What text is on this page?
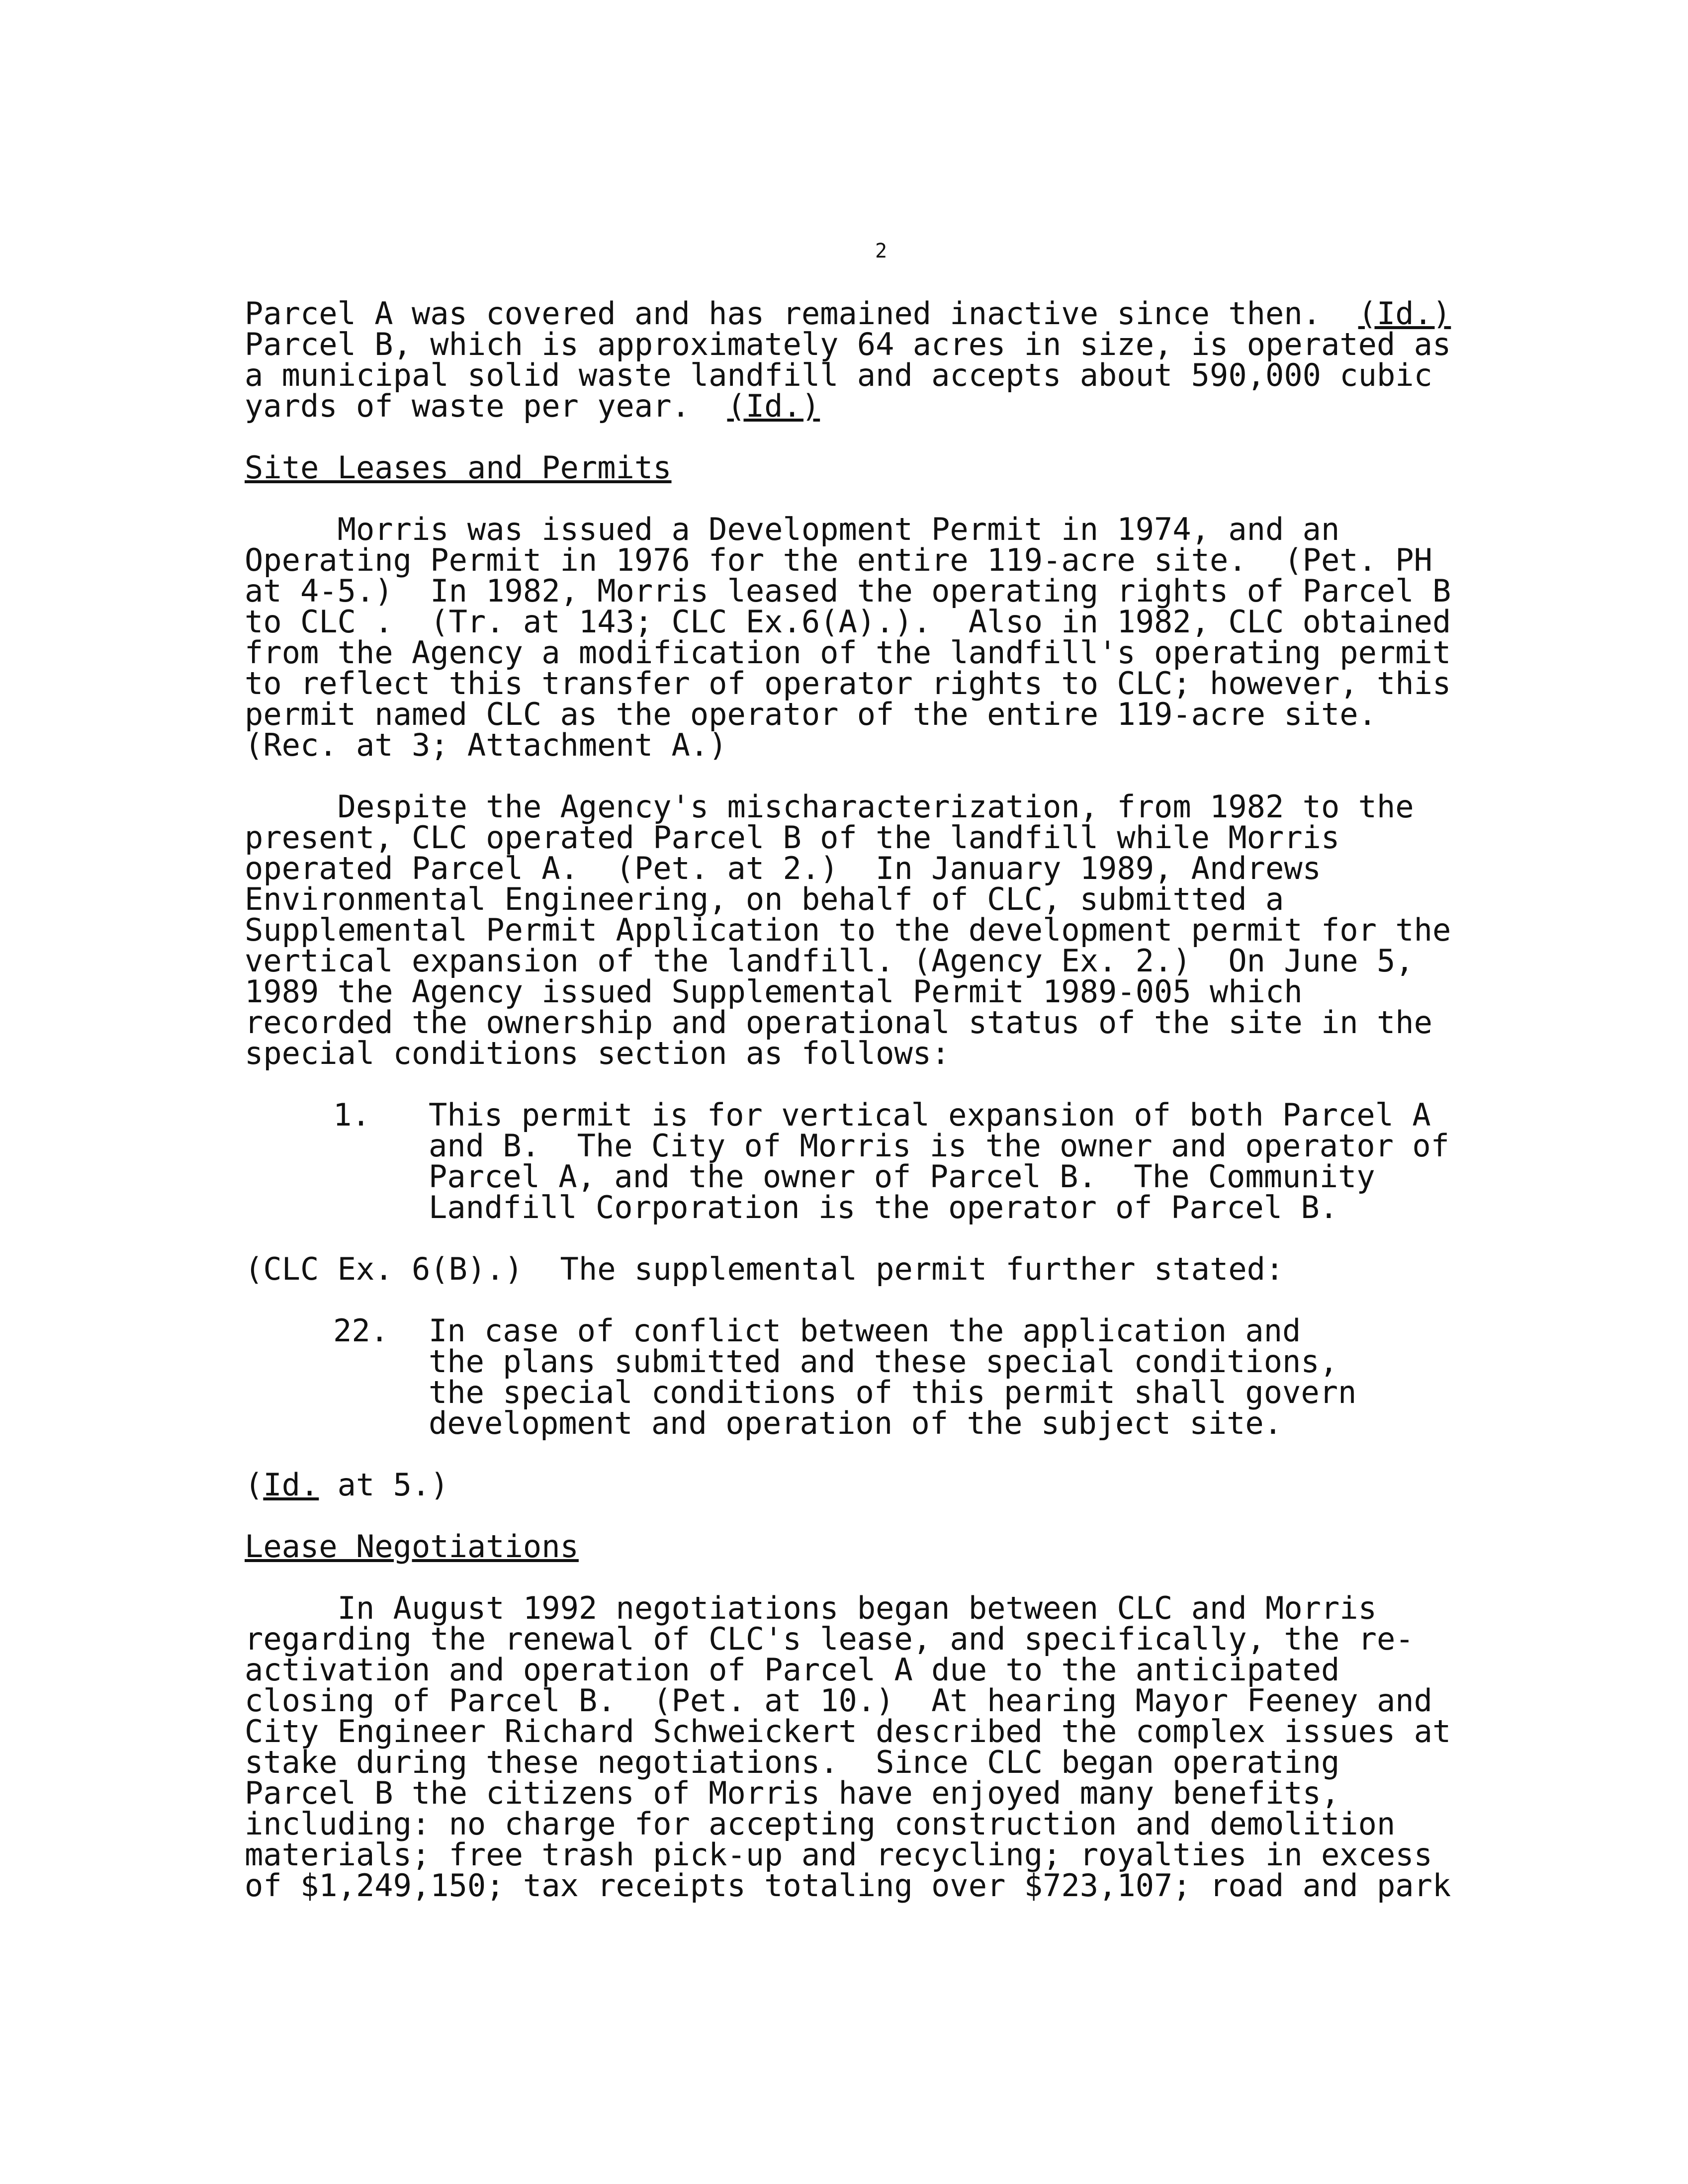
2

Parcel A was covered and has remained inactive since then.  (Id.)
Parcel B, which is approximately 64 acres in size, is operated as
a municipal solid waste landfill and accepts about 590,000 cubic
yards of waste per year.  (Id.)

Site Leases and Permits

Morris was issued a Development Permit in 1974, and an
Operating Permit in 1976 for the entire 119-acre site.  (Pet. PH
at 4-5.)  In 1982, Morris leased the operating rights of Parcel B
to CLC .  (Tr. at 143; CLC Ex.6(A).).  Also in 1982, CLC obtained
from the Agency a modification of the landfill's operating permit
to reflect this transfer of operator rights to CLC; however, this
permit named CLC as the operator of the entire 119-acre site.
(Rec. at 3; Attachment A.)

Despite the Agency's mischaracterization, from 1982 to the
present, CLC operated Parcel B of the landfill while Morris
operated Parcel A.  (Pet. at 2.)  In January 1989, Andrews
Environmental Engineering, on behalf of CLC, submitted a
Supplemental Permit Application to the development permit for the
vertical expansion of the landfill. (Agency Ex. 2.)  On June 5,
1989 the Agency issued Supplemental Permit 1989-005 which
recorded the ownership and operational status of the site in the
special conditions section as follows:

1.	This permit is for vertical expansion of both Parcel A
and B.  The City of Morris is the owner and operator of
Parcel A, and the owner of Parcel B.  The Community
Landfill Corporation is the operator of Parcel B.

(CLC Ex. 6(B).)  The supplemental permit further stated:

22.	In case of conflict between the application and
the plans submitted and these special conditions,
the special conditions of this permit shall govern
development and operation of the subject site.

(Id. at 5.)

Lease Negotiations

In August 1992 negotiations began between CLC and Morris
regarding the renewal of CLC's lease, and specifically, the re-
activation and operation of Parcel A due to the anticipated
closing of Parcel B.  (Pet. at 10.)  At hearing Mayor Feeney and
City Engineer Richard Schweickert described the complex issues at
stake during these negotiations.  Since CLC began operating
Parcel B the citizens of Morris have enjoyed many benefits,
including: no charge for accepting construction and demolition
materials; free trash pick-up and recycling; royalties in excess
of $1,249,150; tax receipts totaling over $723,107; road and park
